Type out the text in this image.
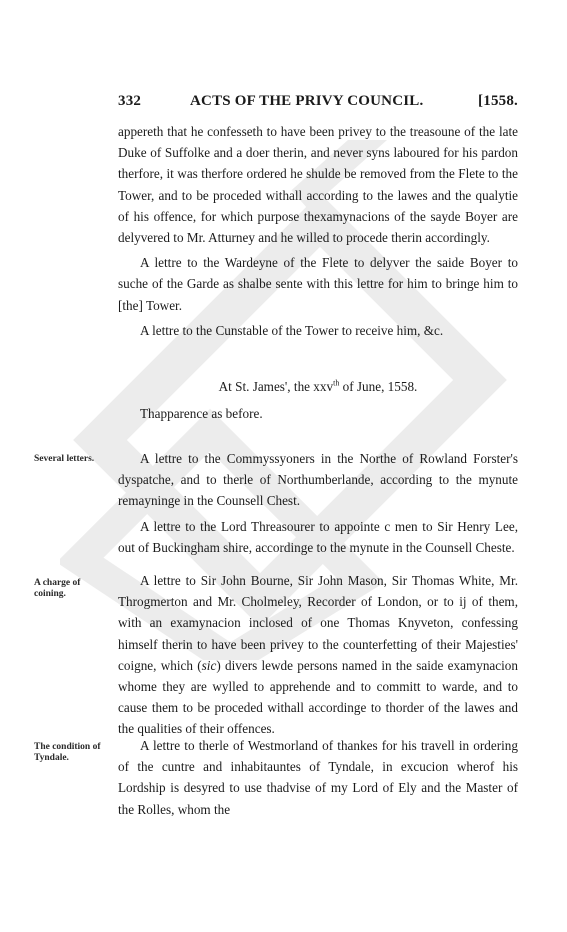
332	ACTS OF THE PRIVY COUNCIL.	[1558.

appereth that he confesseth to have been privey to the treasoune of the late Duke of Suffolke and a doer therin, and never syns laboured for his pardon therfore, it was therfore ordered he shulde be removed from the Flete to the Tower, and to be proceded withall according to the lawes and the qualytie of his offence, for which purpose thexamynacions of the sayde Boyer are delyvered to Mr. Atturney and he willed to procede therin accordingly.

A lettre to the Wardeyne of the Flete to delyver the saide Boyer to suche of the Garde as shalbe sente with this lettre for him to bringe him to [the] Tower.

A lettre to the Cunstable of the Tower to receive him, &c.

At St. James', the xxv$^{th}$ of June, 1558.

Thapparence as before.

Several letters.	A lettre to the Commyssyoners in the Northe of Rowland Forster's dyspatche, and to therle of Northumberlande, according to the mynute remayninge in the Counsell Chest.

A lettre to the Lord Threasourer to appointe c men to Sir Henry Lee, out of Buckingham shire, accordinge to the mynute in the Counsell Cheste.

A charge of coining.

A lettre to Sir John Bourne, Sir John Mason, Sir Thomas White, Mr. Throgmerton and Mr. Cholmeley, Recorder of London, or to ij of them, with an examynacion inclosed of one Thomas Knyveton, confessing himself therin to have been privey to the counterfetting of their Majesties' coigne, which (sic) divers lewde persons named in the saide examynacion whome they are wylled to apprehende and to committ to warde, and to cause them to be proceded withall accordinge to thorder of the lawes and the qualities of their offences.

The condition of Tyndale.

A lettre to therle of Westmorland of thankes for his travell in ordering of the cuntre and inhabitauntes of Tyndale, in excucion wherof his Lordship is desyred to use thadvise of my Lord of Ely and the Master of the Rolles, whom the
